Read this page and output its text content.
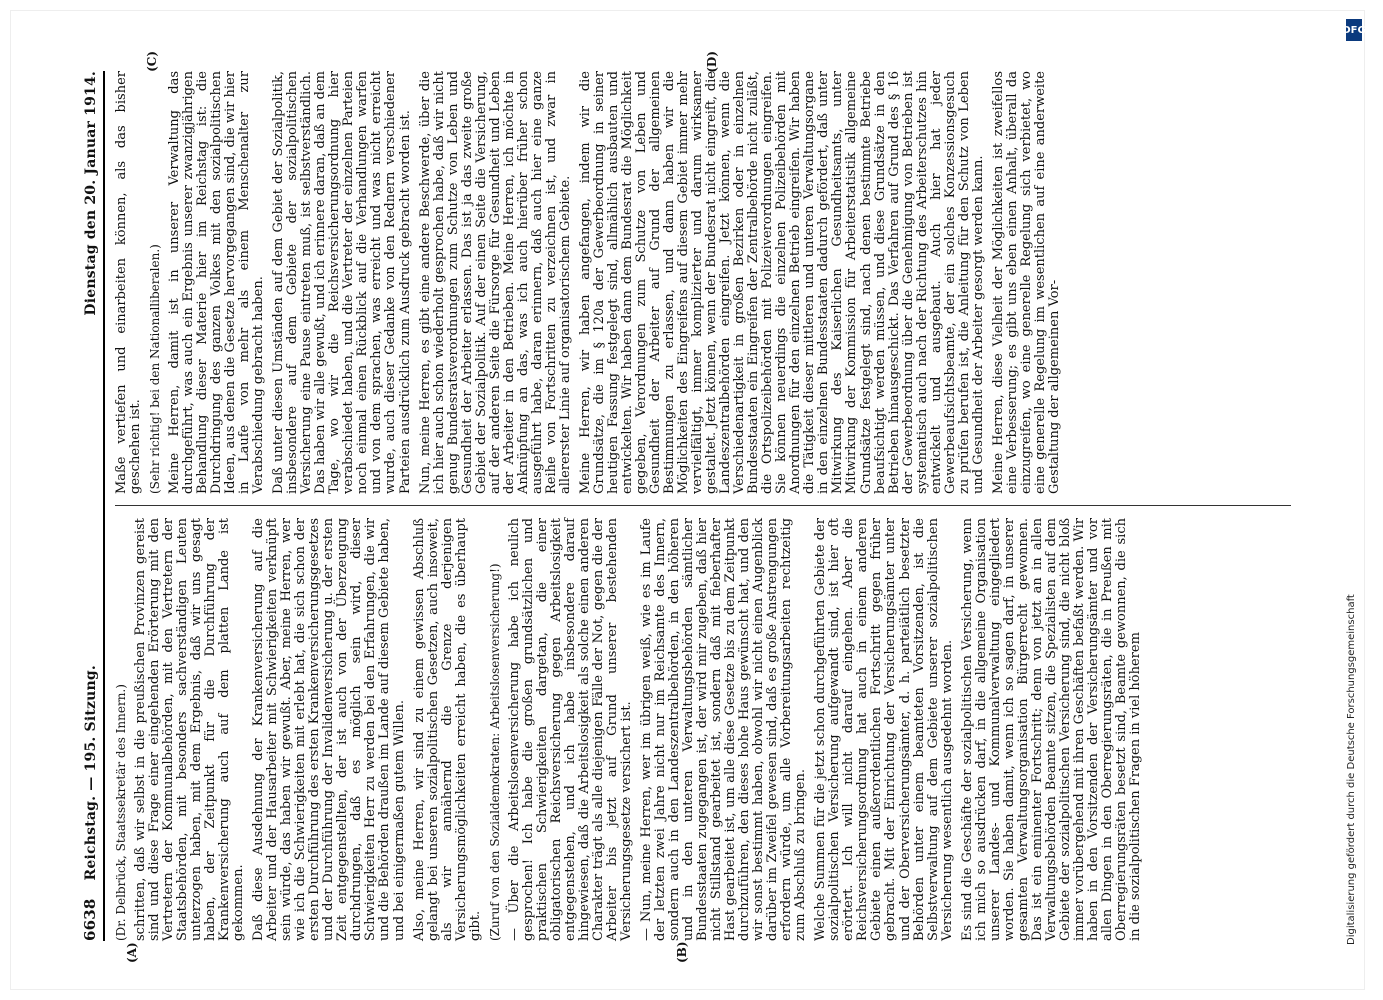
6638
Reichstag. — 195. Sitzung.
Dienstag den 20. Januar 1914.
(A)	(B)

(Dr. Delbrück, Staatssekretär des Innern.) schritten, daß wir selbst in die preußischen Provinzen gereist sind und diese Frage einer eingehenden Erörterung mit den Vertretern der Kommunalbehörden, mit den Vertretern der Staatsbehörden, mit besonders sachverständigen Leuten unterzogen haben, mit dem Ergebnis, daß wir uns gesagt haben, der Zeitpunkt für die Durchführung der Krankenversicherung auch auf dem platten Lande ist gekommen. Daß diese Ausdehnung der Krankenversicherung auf die Arbeiter und der Hausarbeiter mit Schwierigkeiten verknüpft sein würde, das haben wir gewußt. Aber, meine Herren, wer wie ich die Schwierigkeiten mit erlebt hat, die sich schon der ersten Durchführung des ersten Krankenversicherungsgesetzes und der Durchführung der Invalidenversicherung u. der ersten Zeit entgegenstellten, der ist auch von der Überzeugung durchdrungen, daß es möglich sein wird, dieser Schwierigkeiten Herr zu werden bei den Erfahrungen, die wir und die Behörden draußen im Lande auf diesem Gebiete haben, und bei einigermaßen gutem Willen. Also, meine Herren, wir sind zu einem gewissen Abschluß gelangt bei unseren sozialpolitischen Gesetzen, auch insoweit, als wir annähernd die Grenze derjenigen Versicherungsmöglichkeiten erreicht haben, die es überhaupt gibt. (Zuruf von den Sozialdemokraten: Arbeitslosenversicherung!) — Über die Arbeitslosenversicherung habe ich neulich gesprochen! Ich habe die großen grundsätzlichen und praktischen Schwierigkeiten dargetan, die einer obligatorischen Reichsversicherung gegen Arbeitslosigkeit entgegenstehen, und ich habe insbesondere darauf hingewiesen, daß die Arbeitslosigkeit als solche einen anderen Charakter trägt als alle diejenigen Fälle der Not, gegen die der Arbeiter bis jetzt auf Grund unserer bestehenden Versicherungsgesetze versichert ist. — Nun, meine Herren, wer im übrigen weiß, wie es im Laufe der letzten zwei Jahre nicht nur im Reichsamte des Innern, sondern auch in den Landeszentralbehörden, in den höheren und in den unteren Verwaltungsbehörden sämtlicher Bundesstaaten zugegangen ist, der wird mir zugeben, daß hier nicht Stillstand gearbeitet ist, sondern daß mit fieberhafter Hast gearbeitet ist, um alle diese Gesetze bis zu dem Zeitpunkt durchzuführen, den dieses hohe Haus gewünscht hat, und den wir sonst bestimmt haben, obwohl wir nicht einen Augenblick darüber im Zweifel gewesen sind, daß es große Anstrengungen erfordern würde, um alle Vorbereitungsarbeiten rechtzeitig zum Abschluß zu bringen. Welche Summen für die jetzt schon durchgeführten Gebiete der sozialpolitischen Versicherung aufgewandt sind, ist hier oft erörtert. Ich will nicht darauf eingehen. Aber die Reichsversicherungsordnung hat auch in einem anderen Gebiete einen außerordentlichen Fortschritt gegen früher gebracht. Mit der Einrichtung der Versicherungsämter unter und der Oberversicherungsämter, d. h. parteiätlich besetzter Behörden unter einem beamteten Vorsitzenden, ist die Selbstverwaltung auf dem Gebiete unserer sozialpolitischen Versicherung wesentlich ausgedehnt worden. Es sind die Geschäfte der sozialpolitischen Versicherung, wenn ich mich so ausdrücken darf, in die allgemeine Organisation unserer Landes- und Kommunalverwaltung eingegliedert worden. Sie haben damit, wenn ich so sagen darf, in unserer gesamten Verwaltungsorganisation Bürgerrecht gewonnen. Das ist ein eminenter Fortschritt; denn von jetzt an in allen Verwaltungsbehörden Beamte sitzen, die Spezialisten auf dem Gebiete der sozialpolitischen Versicherung sind, die nicht bloß immer vorübergehend mit ihren Geschäften befaßt werden. Wir haben in den Vorsitzenden der Versicherungsämter und vor allen Dingen in den Oberregierungsräten, die in Preußen mit Oberregierungsräten besetzt sind, Beamte gewonnen, die sich in die sozialpolitischen Fragen in viel höherem

(C)	(D)

Maße vertiefen und einarbeiten können, als das bisher geschehen ist. (Sehr richtig! bei den Nationalliberalen.) Meine Herren, damit ist in unserer Verwaltung das durchgeführt, was auch ein Ergebnis unserer zwanzigjährigen Behandlung dieser Materie hier im Reichstag ist: die Durchdringung des ganzen Volkes mit den sozialpolitischen Ideen, aus denen die Gesetze hervorgegangen sind, die wir hier in Laufe von mehr als einem Menschenalter zur Verabschiedung gebracht haben. Daß unter diesen Umständen auf dem Gebiet der Sozialpolitik, insbesondere auf dem Gebiete der sozialpolitischen Versicherung eine Pause eintreten muß, ist selbstverständlich. Das haben wir alle gewußt, und ich erinnere daran, daß an dem Tage, wo wir die Reichsversicherungsordnung hier verabschiedet haben, und die Vertreter der einzelnen Parteien noch einmal einen Rückblick auf die Verhandlungen warfen und von dem sprachen, was erreicht und was nicht erreicht wurde, auch dieser Gedanke von den Rednern verschiedener Parteien ausdrücklich zum Ausdruck gebracht worden ist. Nun, meine Herren, es gibt eine andere Beschwerde, über die ich hier auch schon wiederholt gesprochen habe, daß wir nicht genug Bundesratsverordnungen zum Schutze von Leben und Gesundheit der Arbeiter erlassen. Das ist ja das zweite große Gebiet der Sozialpolitik. Auf der einen Seite die Versicherung, auf der anderen Seite die Fürsorge für Gesundheit und Leben der Arbeiter in den Betrieben. Meine Herren, ich möchte in Anknüpfung an das, was ich auch hierüber früher schon ausgeführt habe, daran erinnern, daß auch hier eine ganze Reihe von Fortschritten zu verzeichnen ist, und zwar in allererster Linie auf organisatorischem Gebiete. Meine Herren, wir haben angefangen, indem wir die Grundsätze, die im § 120a der Gewerbeordnung in seiner heutigen Fassung festgelegt sind, allmählich ausbauten und entwickelten. Wir haben dann dem Bundesrat die Möglichkeit gegeben, Verordnungen zum Schutze von Leben und Gesundheit der Arbeiter auf Grund der allgemeinen Bestimmungen zu erlassen, und dann haben wir die Möglichkeiten des Eingreifens auf diesem Gebiet immer mehr vervielfältigt, immer komplizierter und darum wirksamer gestaltet. Jetzt können, wenn der Bundesrat nicht eingreift, die Landeszentralbehörden eingreifen. Jetzt können, wenn die Verschiedenartigkeit in großen Bezirken oder in einzelnen Bundesstaaten ein Eingreifen der Zentralbehörde nicht zuläßt, die Ortspolizeibehörden mit Polizeiverordnungen eingreifen. Sie können neuerdings die einzelnen Polizeibehörden mit Anordnungen für den einzelnen Betrieb eingreifen. Wir haben die Tätigkeit dieser mittleren und unteren Verwaltungsorgane in den einzelnen Bundesstaaten dadurch gefördert, daß unter Mitwirkung des Kaiserlichen Gesundheitsamts, unter Mitwirkung der Kommission für Arbeiterstatistik allgemeine Grundsätze festgelegt sind, nach denen bestimmte Betriebe beaufsichtigt werden müssen, und diese Grundsätze in den Betrieben hinausgeschickt. Das Verfahren auf Grund des § 16 der Gewerbeordnung über die Genehmigung von Betrieben ist systematisch auch nach der Richtung des Arbeiterschutzes hin entwickelt und ausgebaut. Auch hier hat jeder Gewerbeaufsichtsbeamte, der ein solches Konzessionsgesuch zu prüfen berufen ist, die Anleitung für den Schutz von Leben und Gesundheit der Arbeiter gesorgt werden kann. Meine Herren, diese Vielheit der Möglichkeiten ist zweifellos eine Verbesserung; es gibt uns eben einen Anhalt, überall da einzugreifen, wo eine generelle Regelung sich verbietet, wo eine generelle Regelung im wesentlichen auf eine anderweite Gestaltung der allgemeinen Vor-

Digitalisierung gefördert durch die Deutsche Forschungsgemeinschaft
DFG
